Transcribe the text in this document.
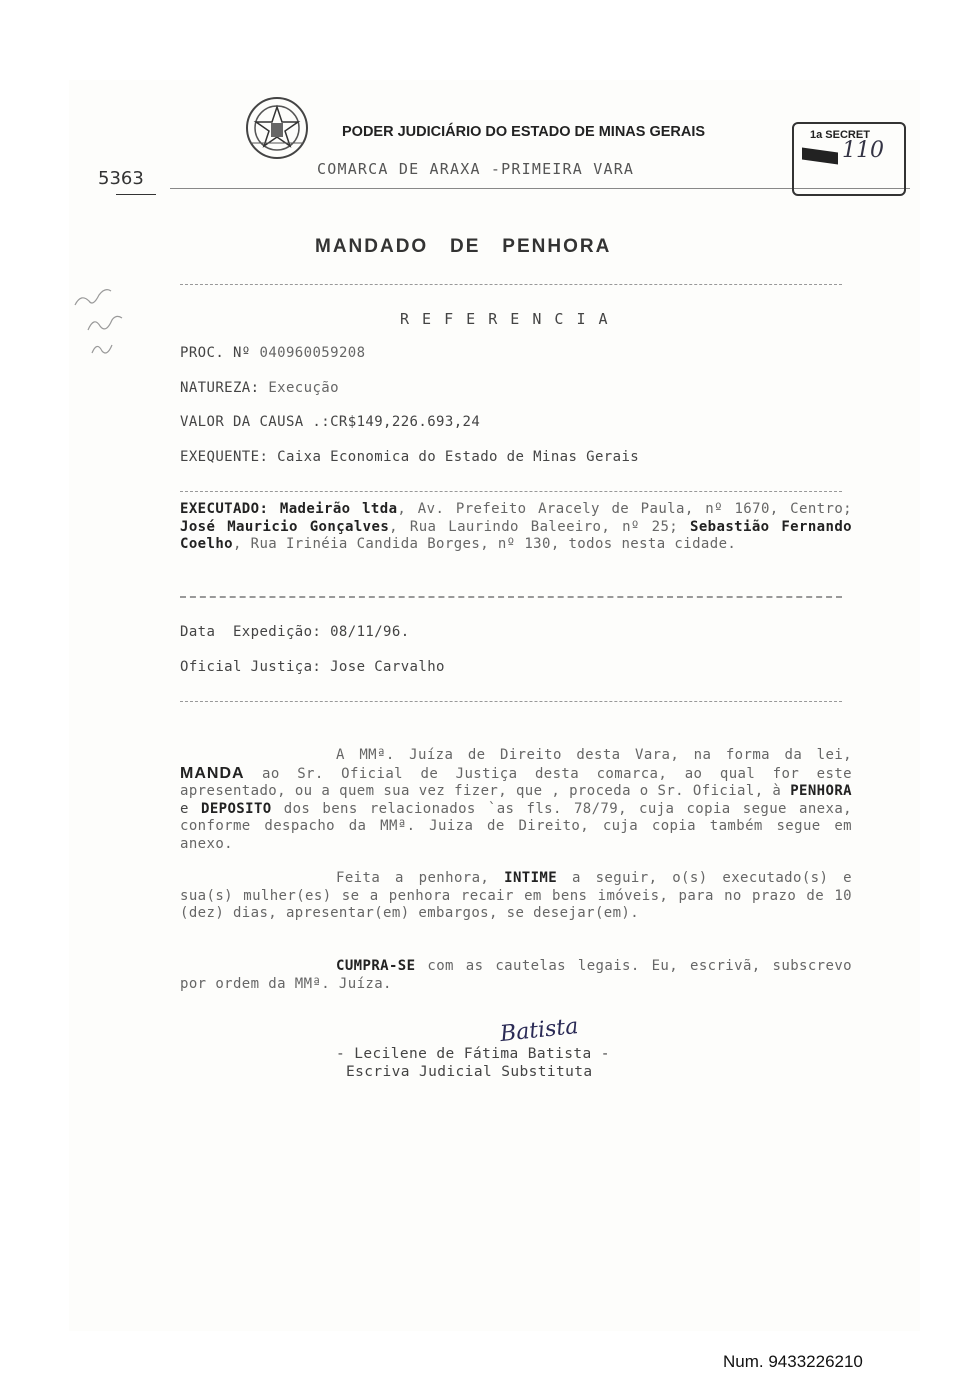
PODER JUDICIÁRIO DO ESTADO DE MINAS GERAIS
COMARCA DE ARAXA -PRIMEIRA VARA
1a SECRET
110
5363
MANDADO   DE   PENHORA
R E F E R E N C I A
PROC. Nº 040960059208
NATUREZA: Execução
VALOR DA CAUSA .:CR$149,226.693,24
EXEQUENTE: Caixa Economica do Estado de Minas Gerais
EXECUTADO: Madeirão ltda, Av. Prefeito Aracely de Paula, nº 1670, Centro; José Mauricio Gonçalves, Rua Laurindo Baleeiro, nº 25; Sebastião Fernando Coelho, Rua Irinéia Candida Borges, nº 130, todos nesta cidade.
Data  Expedição: 08/11/96.
Oficial Justiça: Jose Carvalho
A MMª. Juíza de Direito desta Vara, na forma da lei, MANDA ao Sr. Oficial de Justiça desta comarca, ao qual for este apresentado, ou a quem sua vez fizer, que , proceda o Sr. Oficial, à PENHORA e DEPOSITO dos bens relacionados `as fls. 78/79, cuja copia segue anexa, conforme despacho da MMª. Juiza de Direito, cuja copia também segue em anexo.
Feita a penhora, INTIME a seguir, o(s) executado(s) e sua(s) mulher(es) se a penhora recair em bens imóveis, para no prazo de 10 (dez) dias, apresentar(em) embargos, se desejar(em).
CUMPRA-SE com as cautelas legais. Eu, escrivã, subscrevo por ordem da MMª. Juíza.
Batista
- Lecilene de Fátima Batista -
Escriva Judicial Substituta
Num. 9433226210
